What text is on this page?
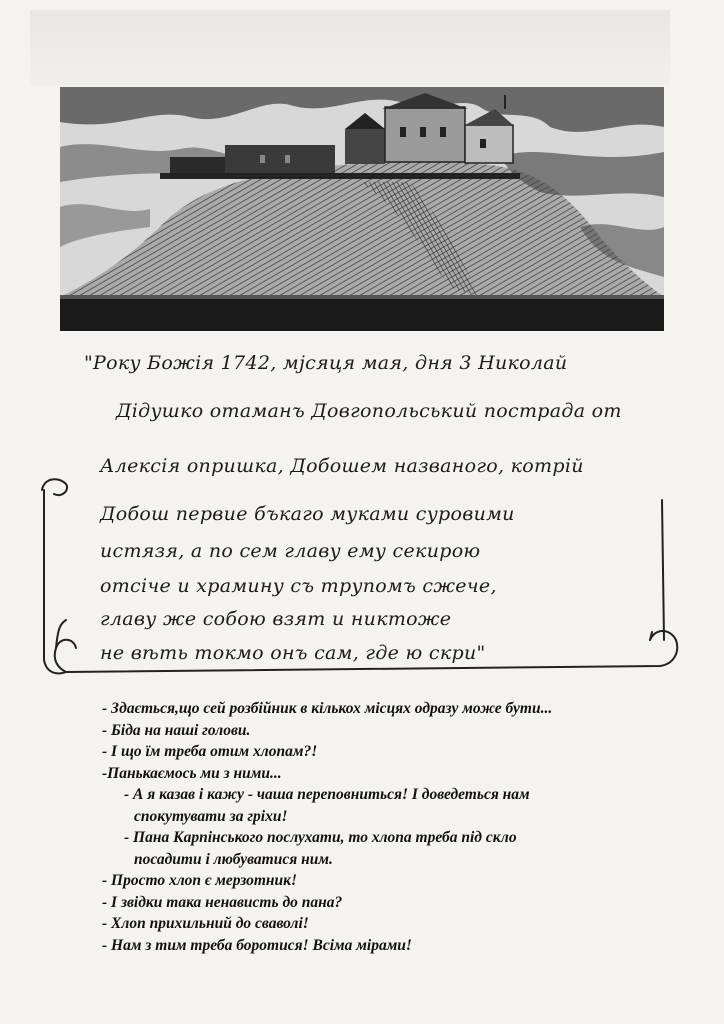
"Року Божія 1742, мјсяця мая, дня 3 Николай
Дідушко отаманъ Довгопольський пострада от
Алексія опришка, Добошем названого, котрій
Добош первие бъкаго муками суровими
истязя, а по сем главу ему секирою
отсіче и храмину съ трупомъ сжече,
главу же собою взят и никтоже
не вѣть токмо онъ сам, где ю скри"
- Здається,що сей розбійник в кількох місцях одразу може бути...
- Біда на наші голови.
- І що їм треба отим хлопам?!
-Панькаємось ми з ними...
- А я казав і кажу - чаша переповниться! І доведеться нам
спокутувати за гріхи!
- Пана Карпінського послухати, то хлопа треба під скло
посадити і любуватися ним.
- Просто хлоп є мерзотник!
- І звідки така ненависть до пана?
- Хлоп прихильний до сваволі!
- Нам з тим треба боротися! Всіма мірами!
